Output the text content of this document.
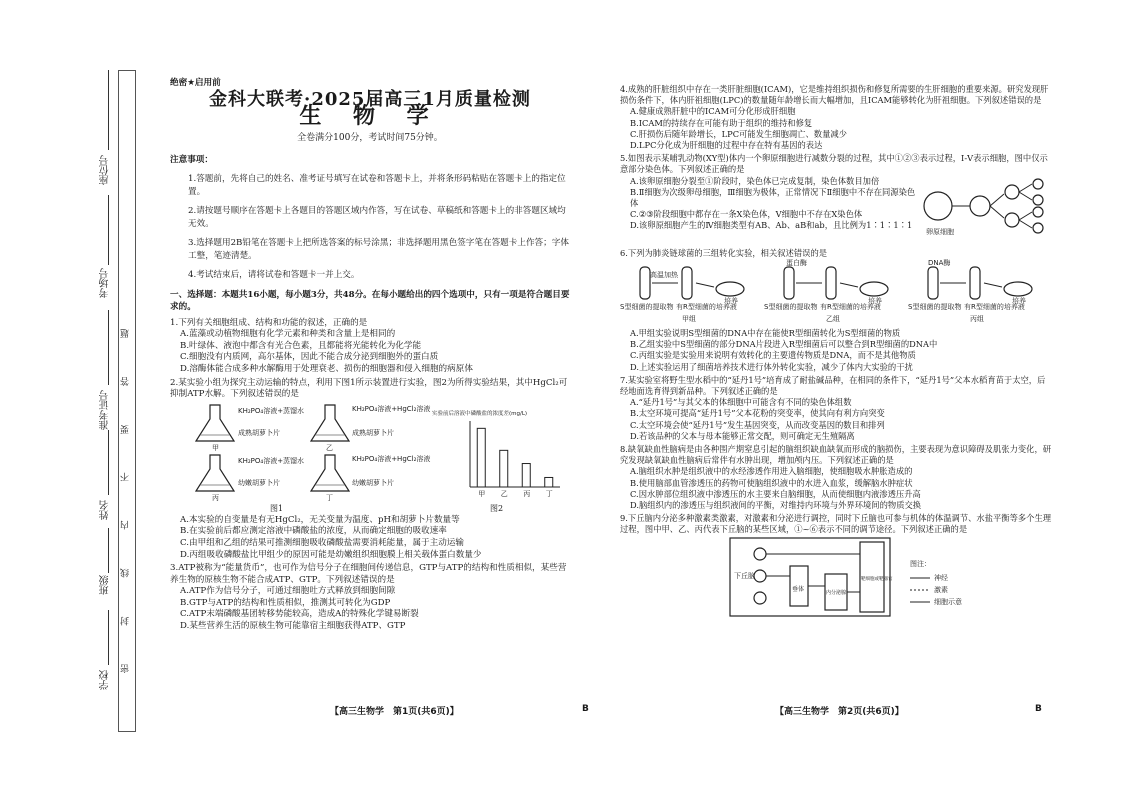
密 封 线 内 不 要 答 题
座位号
考场号
准考证号
姓名
班级
学校

绝密★启用前

金科大联考·2025届高三1月质量检测

生 物 学

全卷满分100分，考试时间75分钟。

注意事项：

1.答题前，先将自己的姓名、准考证号填写在试卷和答题卡上，并将条形码粘贴在答题卡上的指定位置。

2.请按题号顺序在答题卡上各题目的答题区域内作答，写在试卷、草稿纸和答题卡上的非答题区域均无效。

3.选择题用2B铅笔在答题卡上把所选答案的标号涂黑；非选择题用黑色签字笔在答题卡上作答；字体工整，笔迹清楚。

4.考试结束后，请将试卷和答题卡一并上交。

一、选择题：本题共16小题，每小题3分，共48分。在每小题给出的四个选项中，只有一项是符合题目要求的。

1.下列有关细胞组成、结构和功能的叙述，正确的是

A.蓝藻或动植物细胞有化学元素和种类和含量上是相同的

B.叶绿体、液泡中都含有光合色素，且都能将光能转化为化学能

C.细胞没有内质网，高尔基体，因此不能合成分泌到细胞外的蛋白质

D.溶酶体能合成多种水解酶用于处理衰老、损伤的细胞器和侵入细胞的病原体

2.某实验小组为探究主动运输的特点，利用下图1所示装置进行实验，图2为所得实验结果，其中HgCl₂可抑制ATP水解。下列叙述错误的是

KH₂PO₄溶液+蒸馏水
成熟胡萝卜片
甲
KH₂PO₄溶液+HgCl₂溶液
成熟胡萝卜片
乙
KH₂PO₄溶液+蒸馏水
幼嫩胡萝卜片
丙
KH₂PO₄溶液+HgCl₂溶液
幼嫩胡萝卜片
丁	甲 乙 丙 丁
实验前后溶液中磷酸盐的浓度差(mg/L)
图1	图2

A.本实验的自变量是有无HgCl₂，无关变量为温度、pH和胡萝卜片数量等

B.在实验前后都应测定溶液中磷酸盐的浓度，从而确定细胞的吸收速率

C.由甲组和乙组的结果可推测细胞吸收磷酸盐需要消耗能量，属于主动运输

D.丙组吸收磷酸盐比甲组少的原因可能是幼嫩组织细胞膜上相关载体蛋白数量少

3.ATP被称为“能量货币”，也可作为信号分子在细胞间传递信息，GTP与ATP的结构和性质相似，某些营养生物的原核生物不能合成ATP、GTP。下列叙述错误的是

A.ATP作为信号分子，可通过细胞吐方式释放到细胞间隙

B.GTP与ATP的结构和性质相似，推测其可转化为GDP

C.ATP末端磷酸基团转移势能较高，造成A的特殊化学键易断裂

D.某些营养生活的原核生物可能靠宿主细胞获得ATP、GTP

4.成熟的肝脏组织中存在一类肝脏细胞(ICAM)，它是维持组织损伤和修复所需要的生肝细胞的重要来源。研究发现肝损伤条件下，体内肝祖细胞(LPC)的数量随年龄增长而大幅增加，且ICAM能够转化为肝祖细胞。下列叙述错误的是

A.健康成熟肝脏中的ICAM可分化形成肝细胞

B.ICAM的持续存在可能有助于组织的维持和修复

C.肝损伤后随年龄增长，LPC可能发生细胞凋亡、数量减少

D.LPC分化成为肝细胞的过程中存在特有基因的表达

5.如图表示某哺乳动物(XY型)体内一个卵原细胞进行减数分裂的过程，其中①②③表示过程，Ⅰ-Ⅴ表示细胞，图中仅示意部分染色体。下列叙述正确的是

A.该卵原细胞分裂至①阶段时，染色体已完成复制，染色体数目加倍

B.Ⅱ细胞为次级卵母细胞，Ⅲ细胞为极体，正常情况下Ⅱ细胞中不存在同源染色体

C.②③阶段细胞中都存在一条X染色体，Ⅴ细胞中不存在X染色体

D.该卵原细胞产生的Ⅳ细胞类型有AB、Ab、aB和ab，且比例为1∶1∶1∶1

卵原细胞

6.下列为肺炎链球菌的三组转化实验，相关叙述错误的是

高温加热
S型细菌的提取物 有R型细菌的培养液
培养
甲组
蛋白酶
S型细菌的提取物 有R型细菌的培养液
培养
乙组
DNA酶
S型细菌的提取物 有R型细菌的培养液
培养
丙组

A.甲组实验说明S型细菌的DNA中存在能使R型细菌转化为S型细菌的物质

B.乙组实验中S型细菌的部分DNA片段进入R型细菌后可以整合到R型细菌的DNA中

C.丙组实验是实验用来说明有效转化的主要遗传物质是DNA，而不是其他物质

D.上述实验运用了细菌培养技术进行体外转化实验，减少了体内大实验的干扰

7.某实验室将野生型水稻中的“延丹1号”培育成了耐盐碱品种，在相同的条件下，“延丹1号”父本水稻育苗于太空，后经地面选育得到新品种。下列叙述正确的是

A.“延丹1号”与其父本的体细胞中可能含有不同的染色体组数

B.太空环境可提高“延丹1号”父本花粉的突变率，使其向有利方向突变

C.太空环境会使“延丹1号”发生基因突变，从而改变基因的数目和排列

D.若该品种的父本与母本能够正常交配，则可确定无生殖隔离

8.缺氧缺血性脑病是由各种围产期窒息引起的脑组织缺血缺氧而形成的脑损伤，主要表现为意识障碍及肌张力变化，研究发现缺氧缺血性脑病后常伴有水肿出现，增加颅内压。下列叙述正确的是

A.脑组织水肿是组织液中的水经渗透作用进入脑细胞，使细胞吸水肿胀造成的

B.使用脑部血管渗透压的药物可使脑组织液中的水进入血浆，缓解脑水肿症状

C.因水肿部位组织液中渗透压的水主要来自脑细胞，从而使细胞内液渗透压升高

D.脑组织内的渗透压与组织液间的平衡，对维持内环境与外界环境间的物质交换

9.下丘脑内分泌多种激素类激素，对激素和分泌进行调控，同时下丘脑也可参与机体的体温调节、水盐平衡等多个生理过程，图中甲、乙、丙代表下丘脑的某些区域，①~⑥表示不同的调节途径。下列叙述正确的是

下丘脑
垂体	内分泌腺
靶细胞或靶器官
图注：
神经
激素
细胞示意
【高三生物学　第1页(共6页)】	B	【高三生物学　第2页(共6页)】	B
